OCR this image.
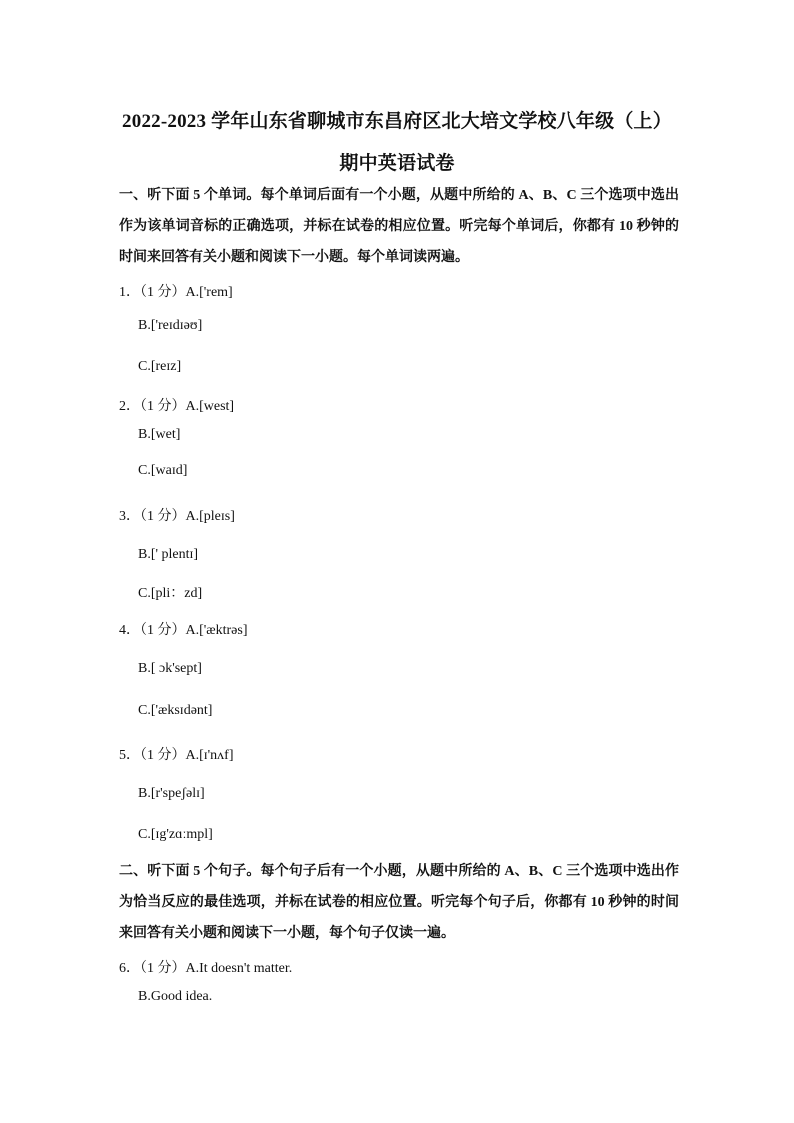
2022-2023 学年山东省聊城市东昌府区北大培文学校八年级（上）
期中英语试卷
一、听下面 5 个单词。每个单词后面有一个小题，从题中所给的 A、B、C 三个选项中选出作为该单词音标的正确选项，并标在试卷的相应位置。听完每个单词后，你都有 10 秒钟的时间来回答有关小题和阅读下一小题。每个单词读两遍。
1．（1 分）A.['rem]
B.['reɪdɪəʊ]
C.[reɪz]
2．（1 分）A.[west]
B.[wet]
C.[waɪd]
3．（1 分）A.[pleɪs]
B.[' plentɪ]
C.[pli：zd]
4．（1 分）A.['æktrəs]
B.[ ɔk'sept]
C.['æksɪdənt]
5．（1 分）A.[ɪ'nʌf]
B.[r'speʃəlɪ]
C.[ɪg'zɑːmpl]
二、听下面 5 个句子。每个句子后有一个小题，从题中所给的 A、B、C 三个选项中选出作为恰当反应的最佳选项，并标在试卷的相应位置。听完每个句子后，你都有 10 秒钟的时间来回答有关小题和阅读下一小题，每个句子仅读一遍。
6．（1 分）A.It doesn't matter.
B.Good idea.
